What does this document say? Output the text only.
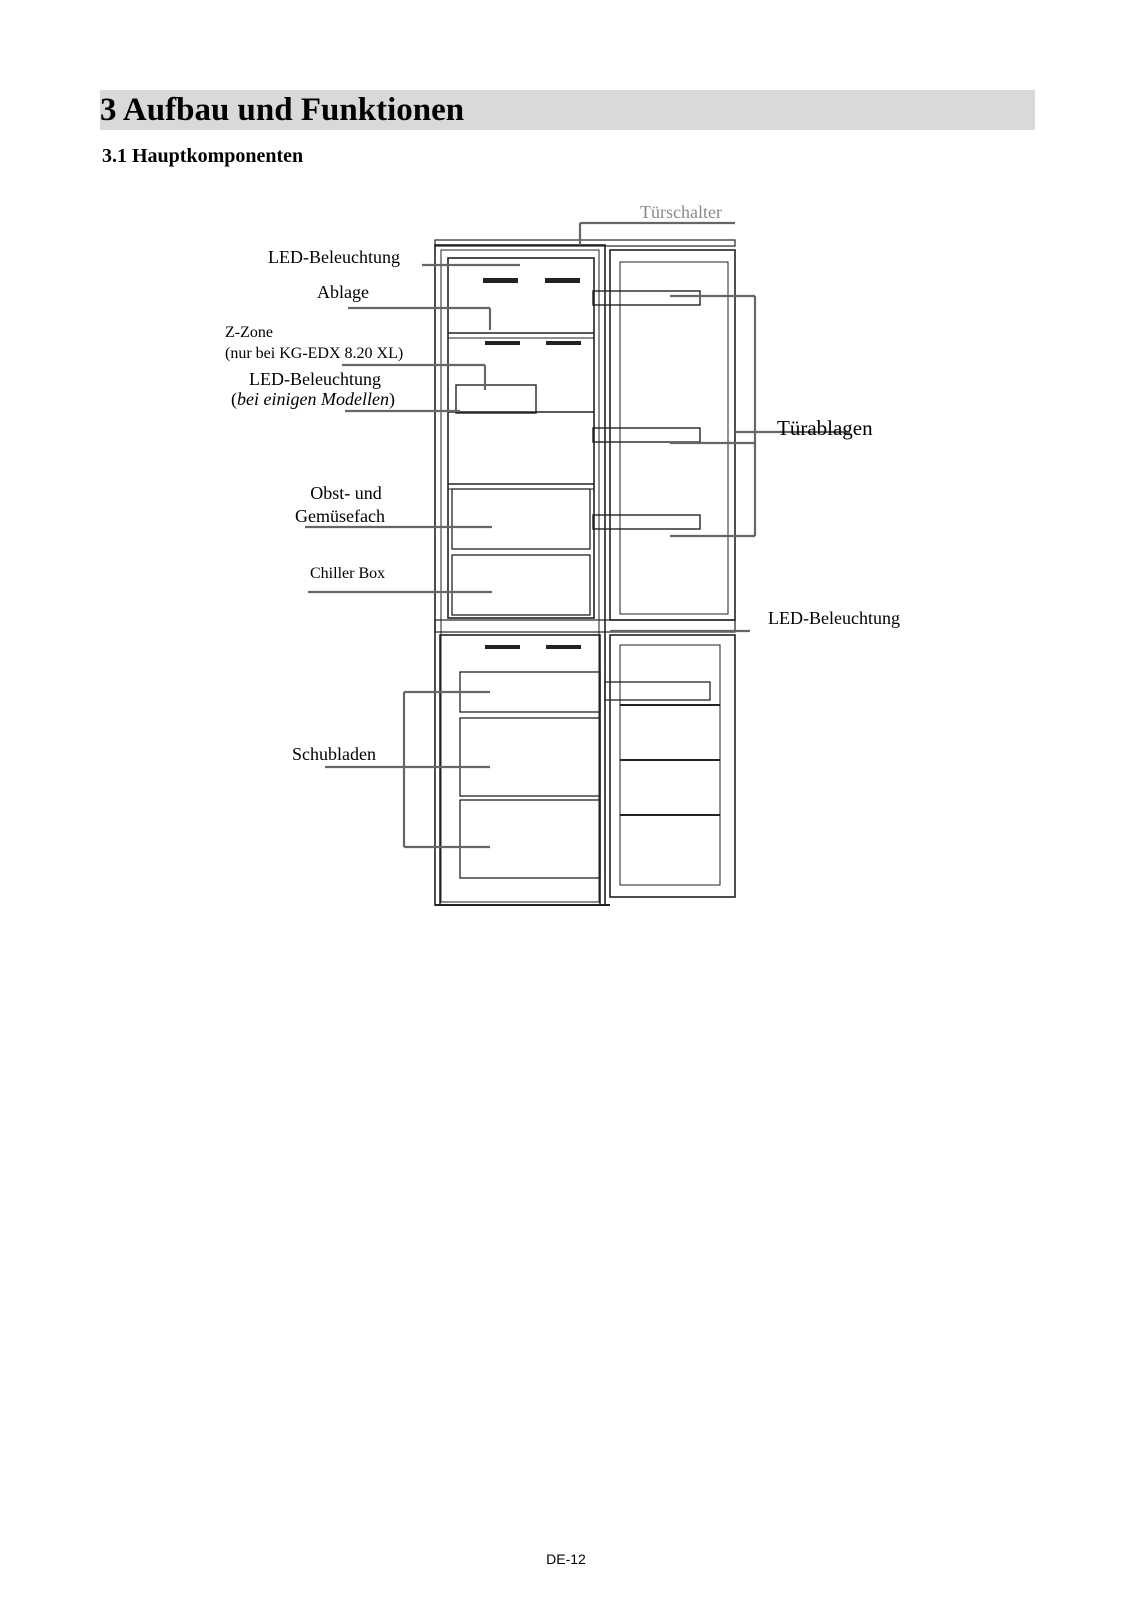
3 Aufbau und Funktionen
3.1 Hauptkomponenten
Türschalter
LED-Beleuchtung
Ablage
Z-Zone
(nur bei KG-EDX 8.20 XL)
LED-Beleuchtung
(bei einigen Modellen)
Obst- und
Gemüsefach
Chiller Box
Türablagen
LED-Beleuchtung
Schubladen
DE-12
